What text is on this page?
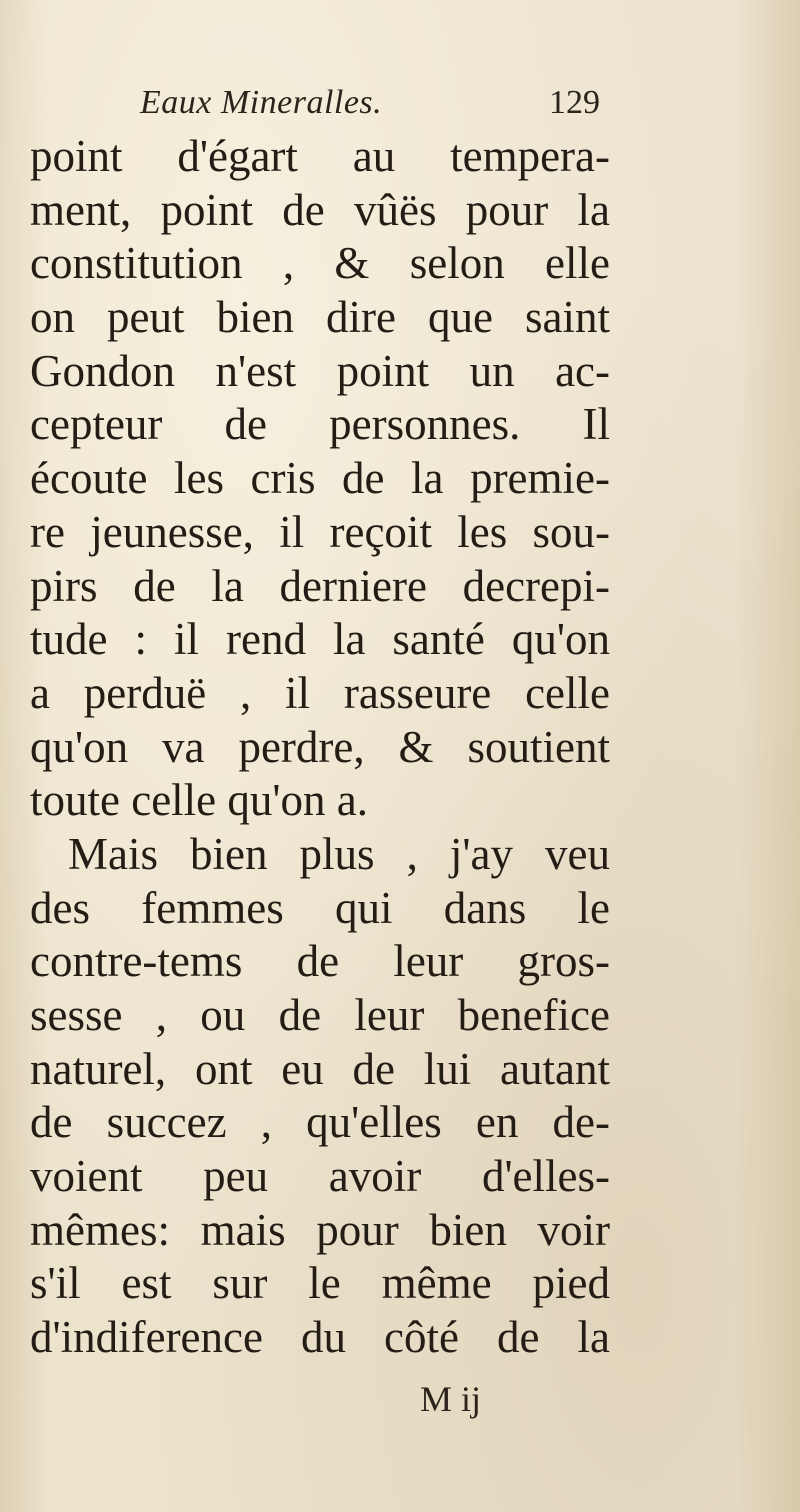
Eaux Mineralles.	129
point d'égart au tempera-
ment, point de vûës pour la
constitution , & selon elle
on peut bien dire que saint
Gondon n'est point un ac-
cepteur de personnes. Il
écoute les cris de la premie-
re jeunesse, il reçoit les sou-
pirs de la derniere decrepi-
tude : il rend la santé qu'on
a perduë , il rasseure celle
qu'on va perdre, & soutient
toute celle qu'on a.
Mais bien plus , j'ay veu
des femmes qui dans le
contre-tems de leur gros-
sesse , ou de leur benefice
naturel, ont eu de lui autant
de succez , qu'elles en de-
voient peu avoir d'elles-
mêmes: mais pour bien voir
s'il est sur le même pied
d'indiference du côté de la
M ij
